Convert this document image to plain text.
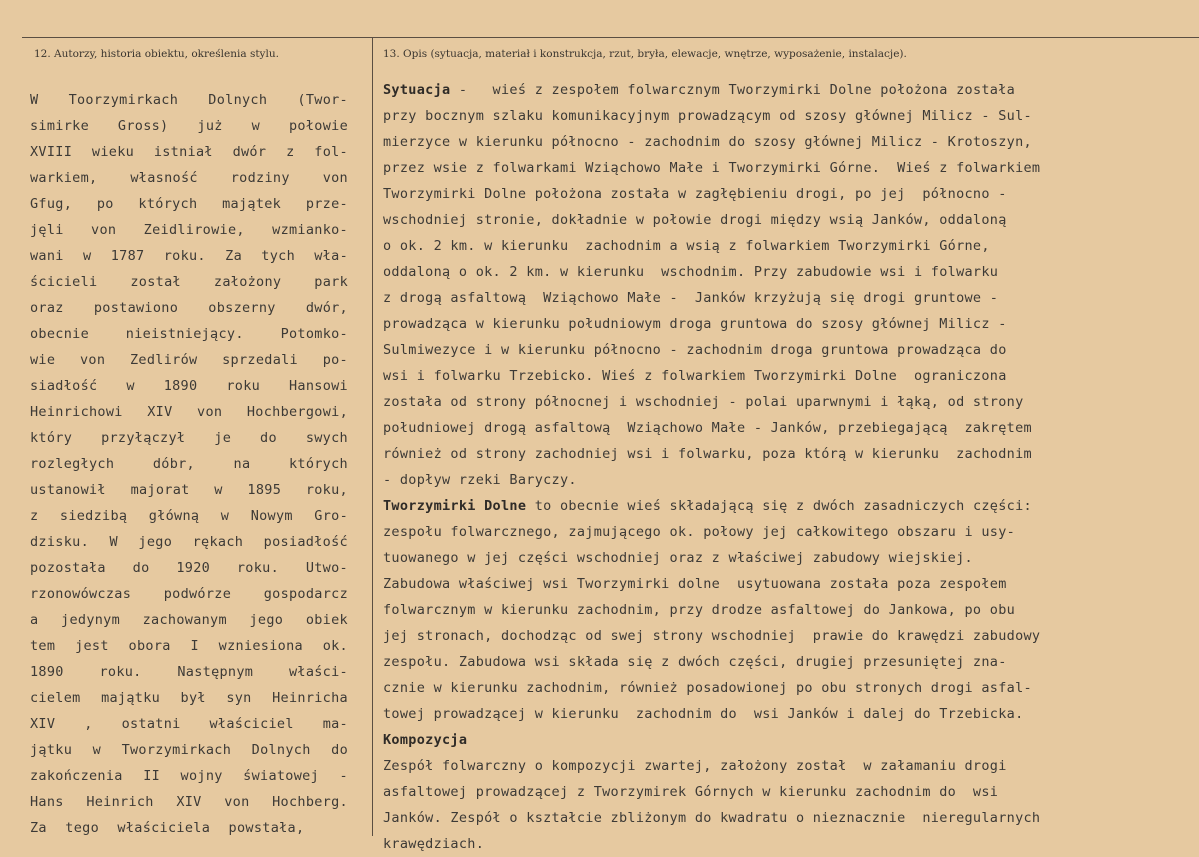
12. Autorzy, historia obiektu, określenia stylu.	13. Opis (sytuacja, materiał i konstrukcja, rzut, bryła, elewacje, wnętrze, wyposażenie, instalacje).
W Toorzymirkach Dolnych (Twor-
simirke Gross) już w połowie
XVIII wieku istniał dwór z fol-
warkiem, własność rodziny von
Gfug, po których majątek prze-
jęli von Zeidlirowie, wzmianko-
wani w 1787 roku. Za tych wła-
ścicieli został założony park
oraz postawiono obszerny dwór,
obecnie	nieistniejący.	Potomko-
wie von Zedlirów sprzedali po-
siadłość w 1890 roku Hansowi
Heinrichowi XIV von Hochbergowi,
który przyłączył je do swych
rozległych	dóbr,	na	których
ustanowił majorat w 1895 roku,
z siedzibą główną w Nowym Gro-
dzisku. W jego rękach posiadłość
pozostała do 1920 roku. Utwo-
rzonowówczas podwórze gospodarcz
a jedynym zachowanym jego obiek
tem jest obora I wzniesiona ok.
1890	roku.	Następnym	właści-
cielem majątku był syn Heinricha
XIV , ostatni właściciel ma-
jątku w Tworzymirkach Dolnych do
zakończenia II wojny światowej -
Hans Heinrich XIV von Hochberg.
Za tego właściciela powstała,
Sytuacja -   wieś z zespołem folwarcznym Tworzymirki Dolne położona została
przy bocznym szlaku komunikacyjnym prowadzącym od szosy głównej Milicz - Sul-
mierzyce w kierunku północno - zachodnim do szosy głównej Milicz - Krotoszyn,
przez wsie z folwarkami Wziąchowo Małe i Tworzymirki Górne.  Wieś z folwarkiem
Tworzymirki Dolne położona została w zagłębieniu drogi, po jej  północno -
wschodniej stronie, dokładnie w połowie drogi między wsią Janków, oddaloną
o ok. 2 km. w kierunku  zachodnim a wsią z folwarkiem Tworzymirki Górne,
oddaloną o ok. 2 km. w kierunku  wschodnim. Przy zabudowie wsi i folwarku
z drogą asfaltową  Wziąchowo Małe -  Janków krzyżują się drogi gruntowe -
prowadząca w kierunku południowym droga gruntowa do szosy głównej Milicz -
Sulmiwezyce i w kierunku północno - zachodnim droga gruntowa prowadząca do
wsi i folwarku Trzebicko. Wieś z folwarkiem Tworzymirki Dolne  ograniczona
została od strony północnej i wschodniej - polai uparwnymi i łąką, od strony
południowej drogą asfaltową  Wziąchowo Małe - Janków, przebiegającą  zakrętem
również od strony zachodniej wsi i folwarku, poza którą w kierunku  zachodnim
- dopływ rzeki Baryczy.
Tworzymirki Dolne to obecnie wieś składającą się z dwóch zasadniczych części:
zespołu folwarcznego, zajmującego ok. połowy jej całkowitego obszaru i usy-
tuowanego w jej części wschodniej oraz z właściwej zabudowy wiejskiej.
Zabudowa właściwej wsi Tworzymirki dolne  usytuowana została poza zespołem
folwarcznym w kierunku zachodnim, przy drodze asfaltowej do Jankowa, po obu
jej stronach, dochodząc od swej strony wschodniej  prawie do krawędzi zabudowy
zespołu. Zabudowa wsi składa się z dwóch części, drugiej przesuniętej zna-
cznie w kierunku zachodnim, również posadowionej po obu stronych drogi asfal-
towej prowadzącej w kierunku  zachodnim do  wsi Janków i dalej do Trzebicka.
Kompozycja
Zespół folwarczny o kompozycji zwartej, założony został  w załamaniu drogi
asfaltowej prowadzącej z Tworzymirek Górnych w kierunku zachodnim do  wsi
Janków. Zespół o kształcie zbliżonym do kwadratu o nieznacznie  nieregularnych
krawędziach.
